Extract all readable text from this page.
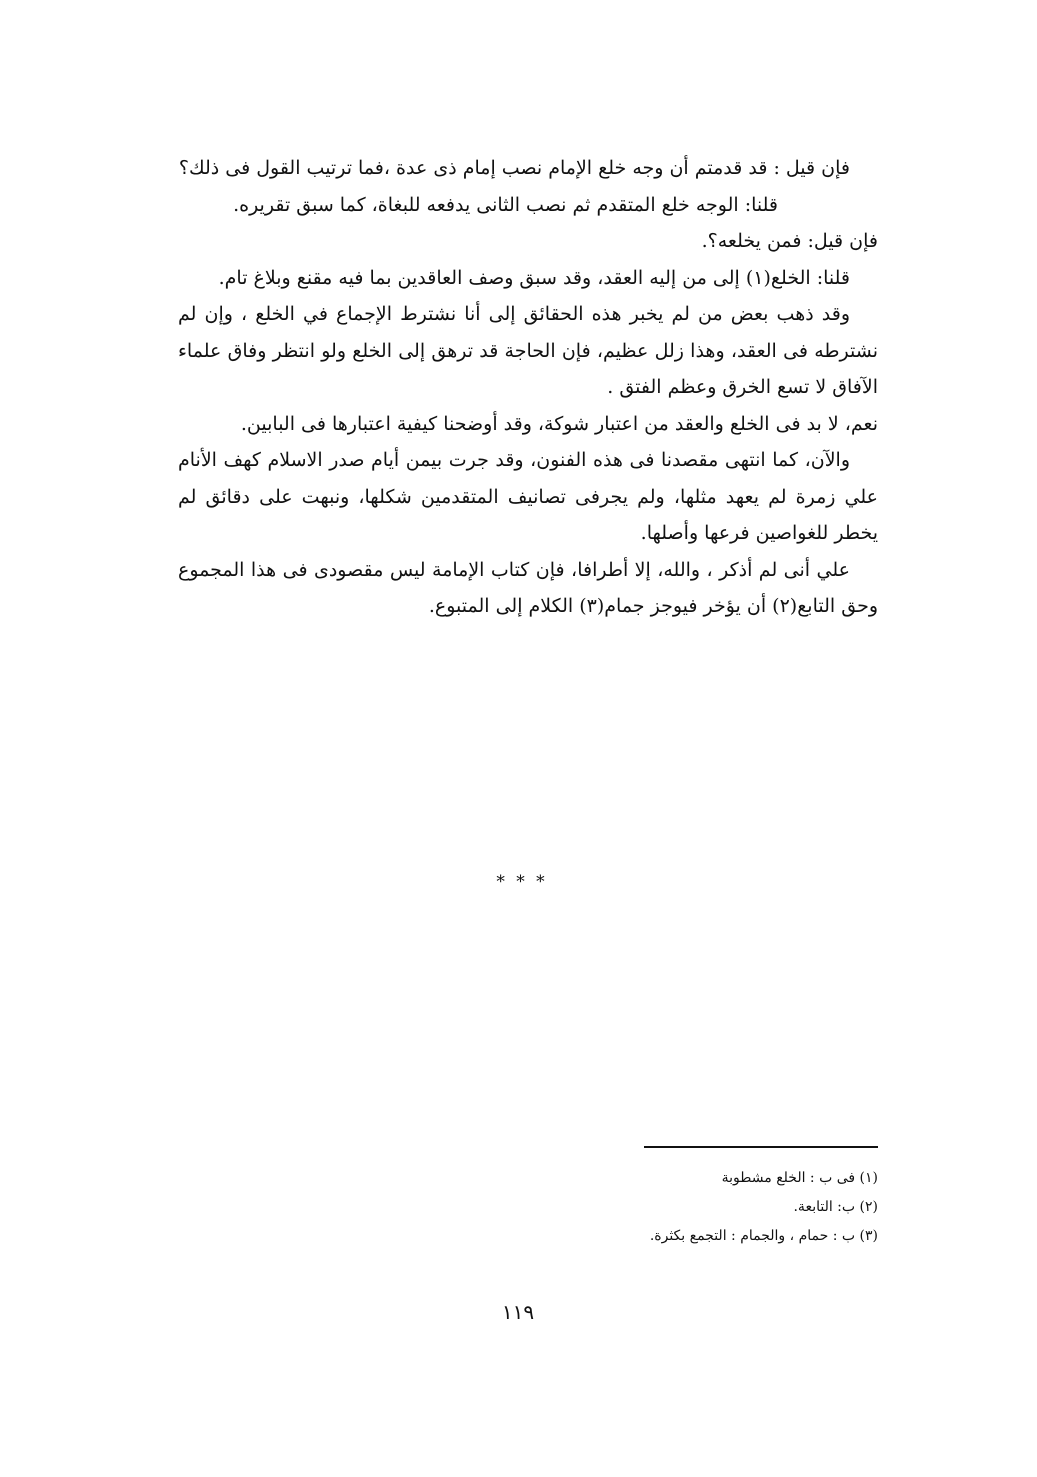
فإن قيل : قد قدمتم أن وجه خلع الإمام نصب إمام ذى عدة ،فما ترتيب القول فى ذلك؟

قلنا: الوجه خلع المتقدم ثم نصب الثانى يدفعه للبغاة، كما سبق تقريره.

فإن قيل: فمن يخلعه؟.

قلنا: الخلع(١) إلى من إليه العقد، وقد سبق وصف العاقدين بما فيه مقنع وبلاغ تام.

وقد ذهب بعض من لم يخبر هذه الحقائق إلى أنا نشترط الإجماع في الخلع ، وإن لم نشترطه فى العقد، وهذا زلل عظيم، فإن الحاجة قد ترهق إلى الخلع ولو انتظر وفاق علماء الآفاق لا تسع الخرق وعظم الفتق .

نعم، لا بد فى الخلع والعقد من اعتبار شوكة، وقد أوضحنا كيفية اعتبارها فى البابين.

والآن، كما انتهى مقصدنا فى هذه الفنون، وقد جرت بيمن أيام صدر الاسلام كهف الأنام علي زمرة لم يعهد مثلها، ولم يجرفى تصانيف المتقدمين شكلها، ونبهت على دقائق لم يخطر للغواصين فرعها وأصلها.

علي أنى لم أذكر ، والله، إلا أطرافا، فإن كتاب الإمامة ليس مقصودى فى هذا المجموع وحق التابع(٢) أن يؤخر فيوجز جمام(٣) الكلام إلى المتبوع.

* * *

(١) فى ب : الخلع مشطوبة

(٢) ب: التابعة.

(٣) ب : حمام ، والجمام : التجمع بكثرة.

١١٩
